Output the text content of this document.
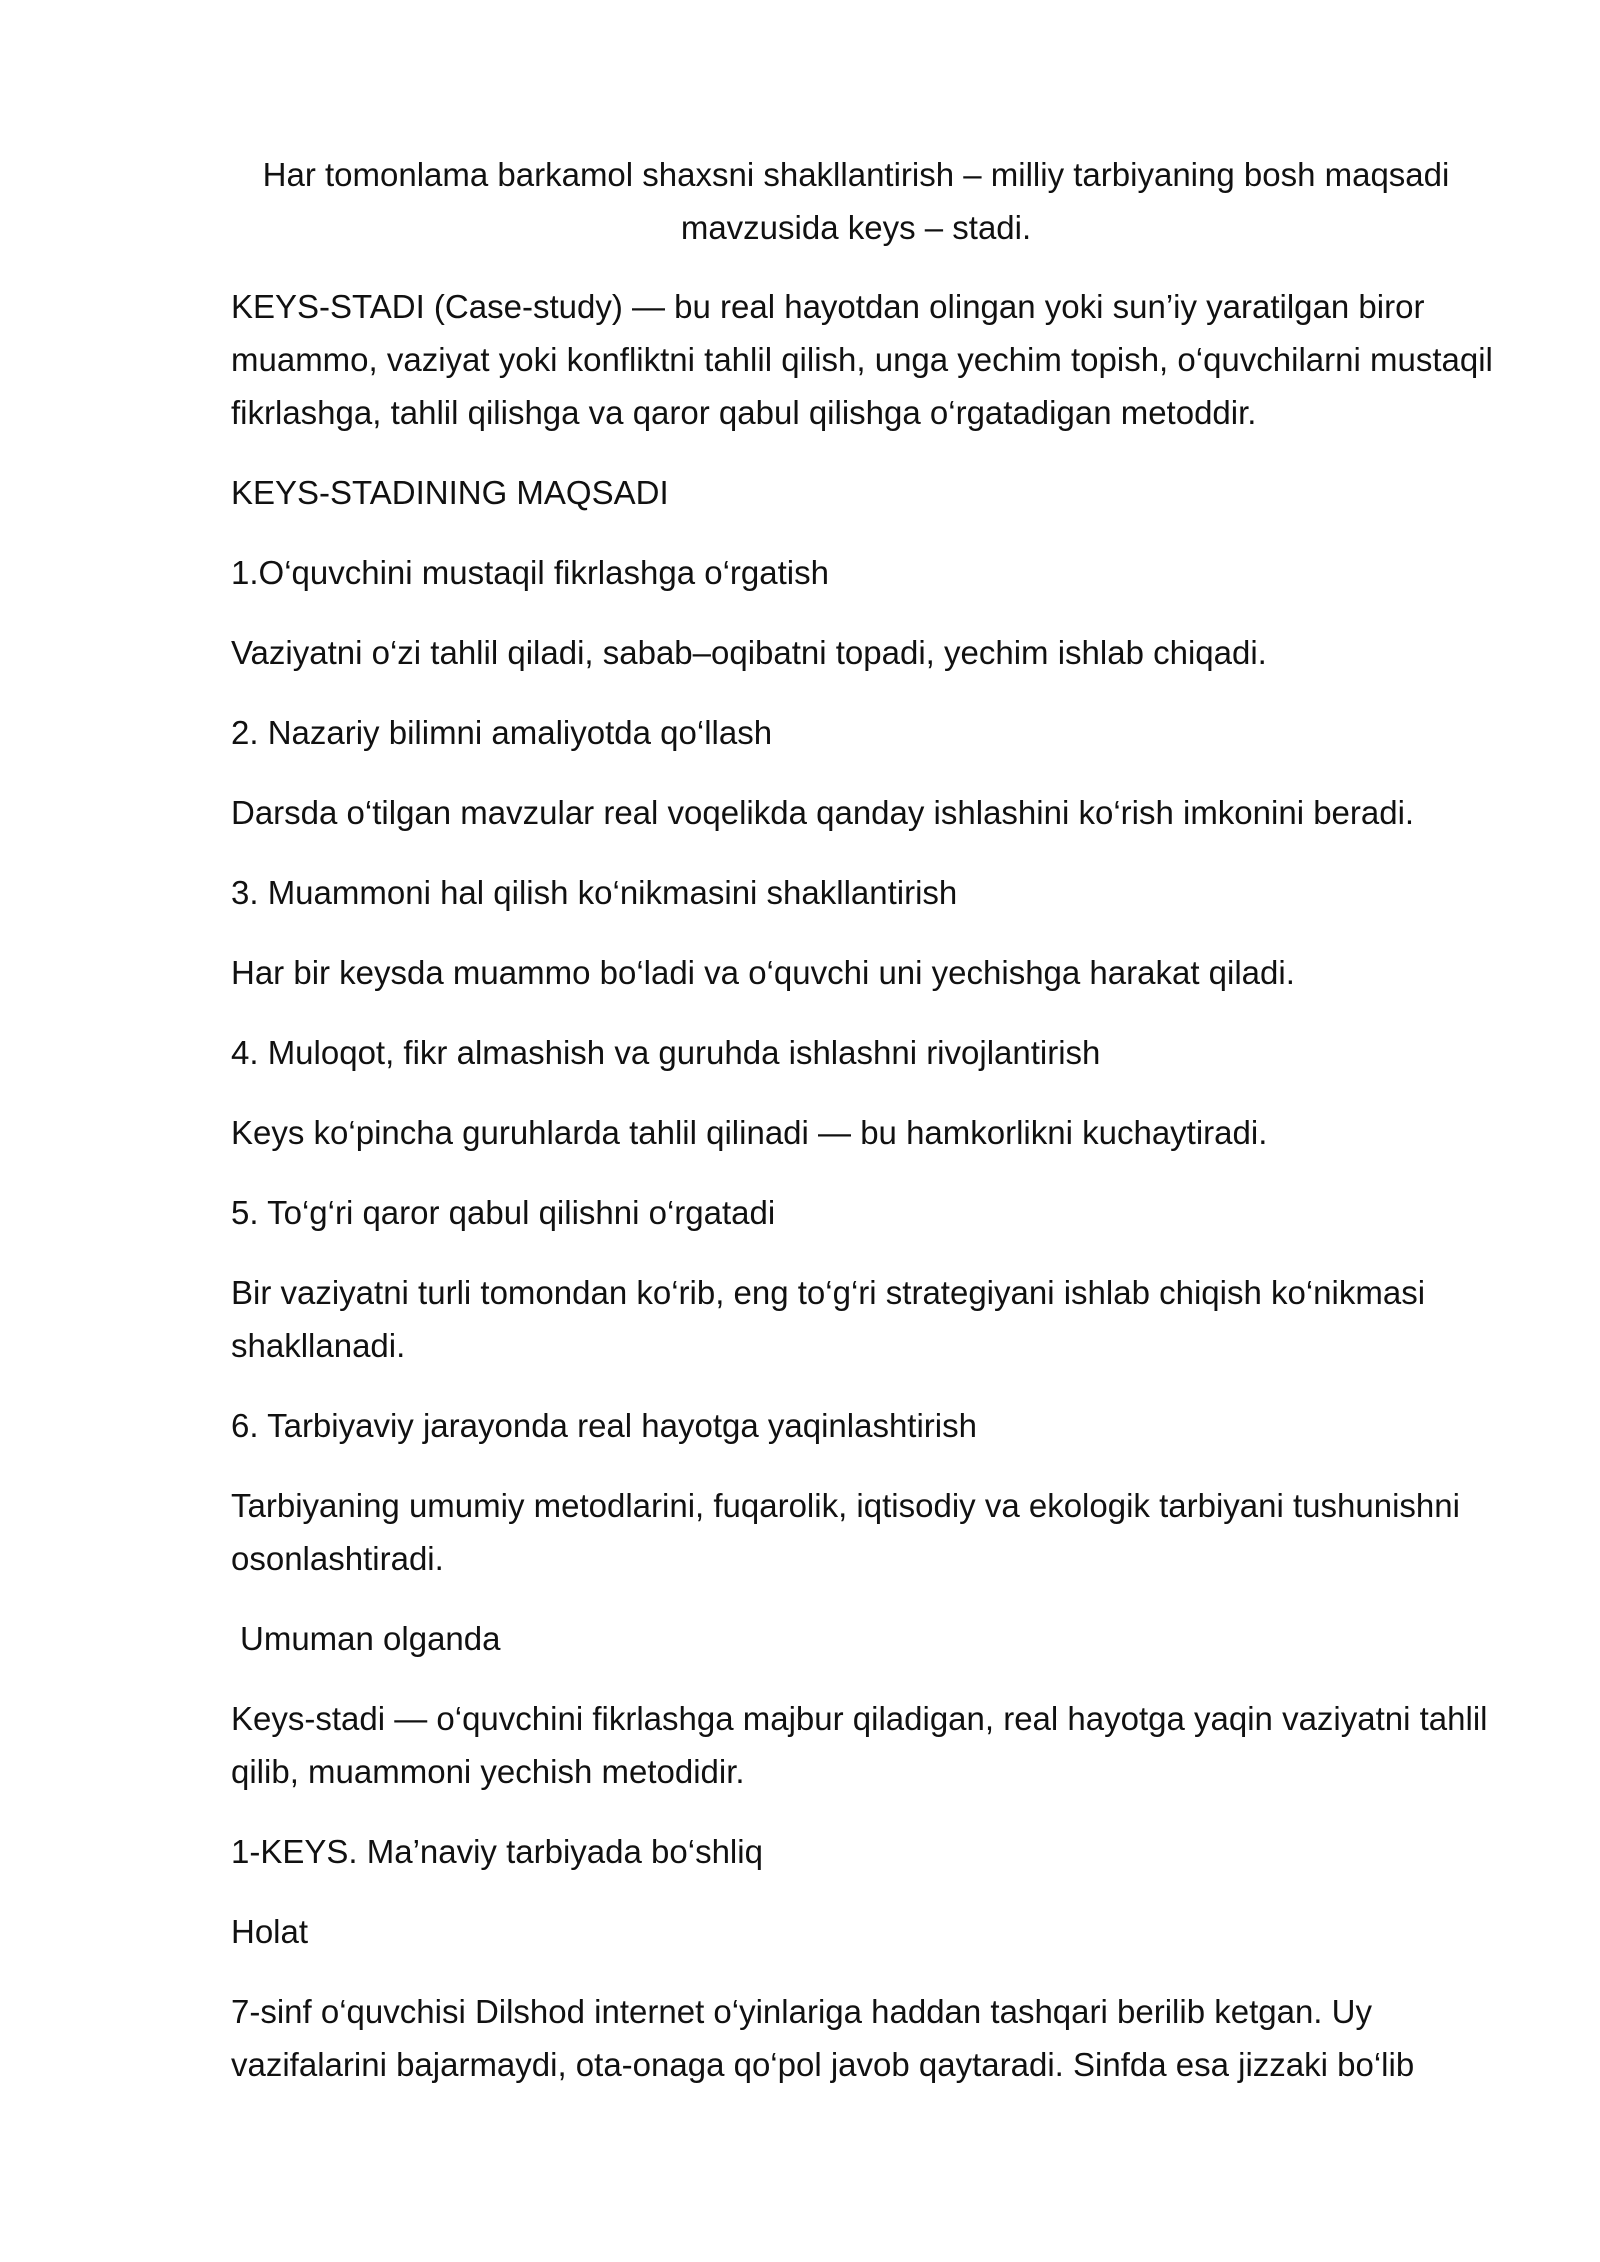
Har tomonlama barkamol shaxsni shakllantirish – milliy tarbiyaning bosh maqsadi
mavzusida keys – stadi.

KEYS-STADI (Case-study) — bu real hayotdan olingan yoki sun’iy yaratilgan biror muammo, vaziyat yoki konfliktni tahlil qilish, unga yechim topish, o‘quvchilarni mustaqil fikrlashga, tahlil qilishga va qaror qabul qilishga o‘rgatadigan metoddir.

KEYS-STADINING MAQSADI

1.O‘quvchini mustaqil fikrlashga o‘rgatish

Vaziyatni o‘zi tahlil qiladi, sabab–oqibatni topadi, yechim ishlab chiqadi.

2. Nazariy bilimni amaliyotda qo‘llash

Darsda o‘tilgan mavzular real voqelikda qanday ishlashini ko‘rish imkonini beradi.

3. Muammoni hal qilish ko‘nikmasini shakllantirish

Har bir keysda muammo bo‘ladi va o‘quvchi uni yechishga harakat qiladi.

4. Muloqot, fikr almashish va guruhda ishlashni rivojlantirish

Keys ko‘pincha guruhlarda tahlil qilinadi — bu hamkorlikni kuchaytiradi.

5. To‘g‘ri qaror qabul qilishni o‘rgatadi

Bir vaziyatni turli tomondan ko‘rib, eng to‘g‘ri strategiyani ishlab chiqish ko‘nikmasi shakllanadi.

6. Tarbiyaviy jarayonda real hayotga yaqinlashtirish

Tarbiyaning umumiy metodlarini, fuqarolik, iqtisodiy va ekologik tarbiyani tushunishni osonlashtiradi.

Umuman olganda

Keys-stadi — o‘quvchini fikrlashga majbur qiladigan, real hayotga yaqin vaziyatni tahlil qilib, muammoni yechish metodidir.

1-KEYS. Ma’naviy tarbiyada bo‘shliq

Holat

7-sinf o‘quvchisi Dilshod internet o‘yinlariga haddan tashqari berilib ketgan. Uy vazifalarini bajarmaydi, ota-onaga qo‘pol javob qaytaradi. Sinfda esa jizzaki bo‘lib
